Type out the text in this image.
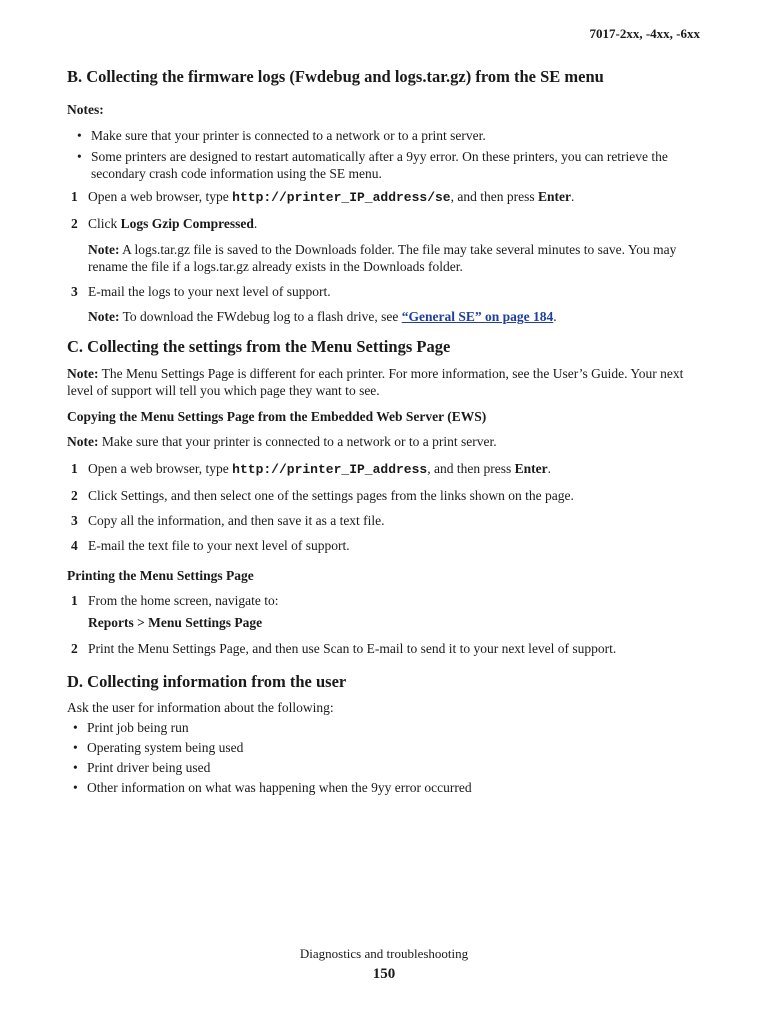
7017-2xx, -4xx, -6xx
B. Collecting the firmware logs (Fwdebug and logs.tar.gz) from the SE menu

Notes:

• Make sure that your printer is connected to a network or to a print server.
• Some printers are designed to restart automatically after a 9yy error. On these printers, you can retrieve the secondary crash code information using the SE menu.
1 Open a web browser, type http://printer_IP_address/se, and then press Enter.
2 Click Logs Gzip Compressed.

Note: A logs.tar.gz file is saved to the Downloads folder. The file may take several minutes to save. You may rename the file if a logs.tar.gz already exists in the Downloads folder.

3 E-mail the logs to your next level of support.

Note: To download the FWdebug log to a flash drive, see “General SE” on page 184.

C. Collecting the settings from the Menu Settings Page

Note: The Menu Settings Page is different for each printer. For more information, see the User’s Guide. Your next level of support will tell you which page they want to see.

Copying the Menu Settings Page from the Embedded Web Server (EWS)

Note: Make sure that your printer is connected to a network or to a print server.

1 Open a web browser, type http://printer_IP_address, and then press Enter.
2 Click Settings, and then select one of the settings pages from the links shown on the page.
3 Copy all the information, and then save it as a text file.
4 E-mail the text file to your next level of support.
Printing the Menu Settings Page
1 From the home screen, navigate to:

Reports > Menu Settings Page

2 Print the Menu Settings Page, and then use Scan to E-mail to send it to your next level of support.
D. Collecting information from the user

Ask the user for information about the following:

• Print job being run
• Operating system being used
• Print driver being used
• Other information on what was happening when the 9yy error occurred
Diagnostics and troubleshooting
150
